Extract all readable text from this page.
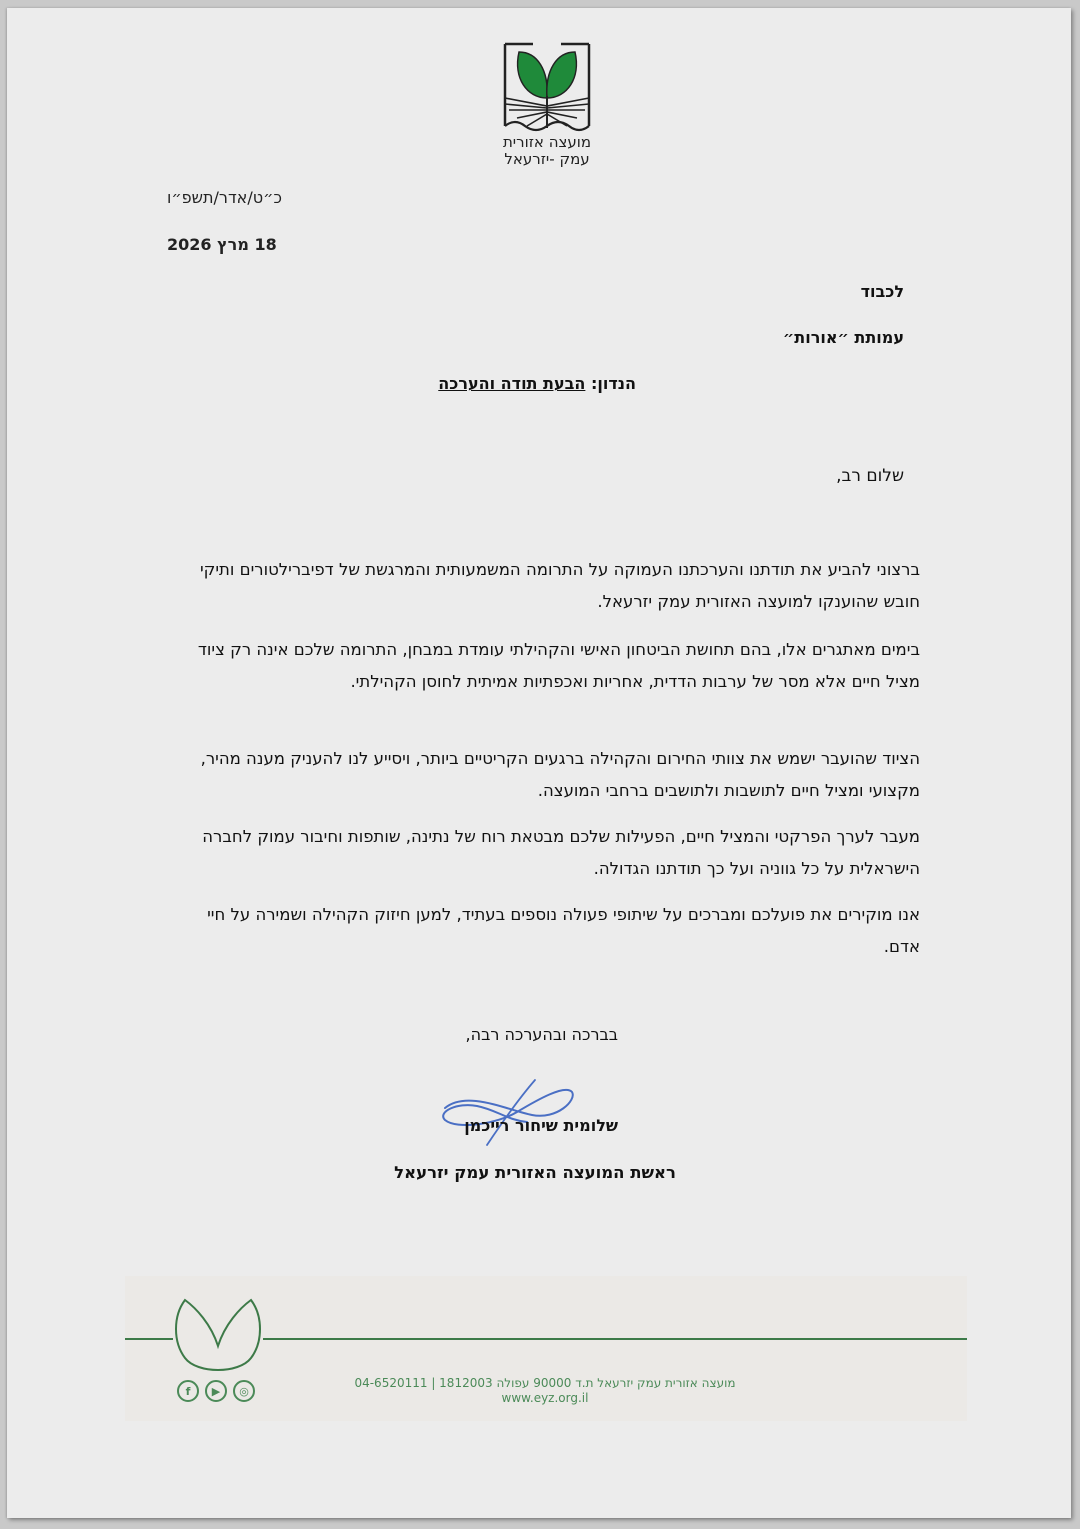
מועצה אזורית
עמק -יזרעאל
כ״ט/אדר/תשפ״ו
18 מרץ 2026
לכבוד
עמותת ״אורות״
הנדון: הבעת תודה והערכה
שלום רב,
ברצוני להביע את תודתנו והערכתנו העמוקה על התרומה המשמעותית והמרגשת של דפיברילטורים ותיקי חובש שהוענקו למועצה האזורית עמק יזרעאל.
בימים מאתגרים אלו, בהם תחושת הביטחון האישי והקהילתי עומדת במבחן, התרומה שלכם אינה רק ציוד מציל חיים אלא מסר של ערבות הדדית, אחריות ואכפתיות אמיתית לחוסן הקהילתי.
הציוד שהועבר ישמש את צוותי החירום והקהילה ברגעים הקריטיים ביותר, ויסייע לנו להעניק מענה מהיר, מקצועי ומציל חיים לתושבות ולתושבים ברחבי המועצה.
מעבר לערך הפרקטי והמציל חיים, הפעילות שלכם מבטאת רוח של נתינה, שותפות וחיבור עמוק לחברה הישראלית על כל גווניה ועל כך תודתנו הגדולה.
אנו מוקירים את פועלכם ומברכים על שיתופי פעולה נוספים בעתיד, למען חיזוק הקהילה ושמירה על חיי אדם.
בברכה ובהערכה רבה,
שלומית שיחור רייכמן
ראשת המועצה האזורית עמק יזרעאל
f	▶	◎
מועצה אזורית עמק יזרעאל ת.ד 90000 עפולה 1812003 | 04-6520111
www.eyz.org.il
